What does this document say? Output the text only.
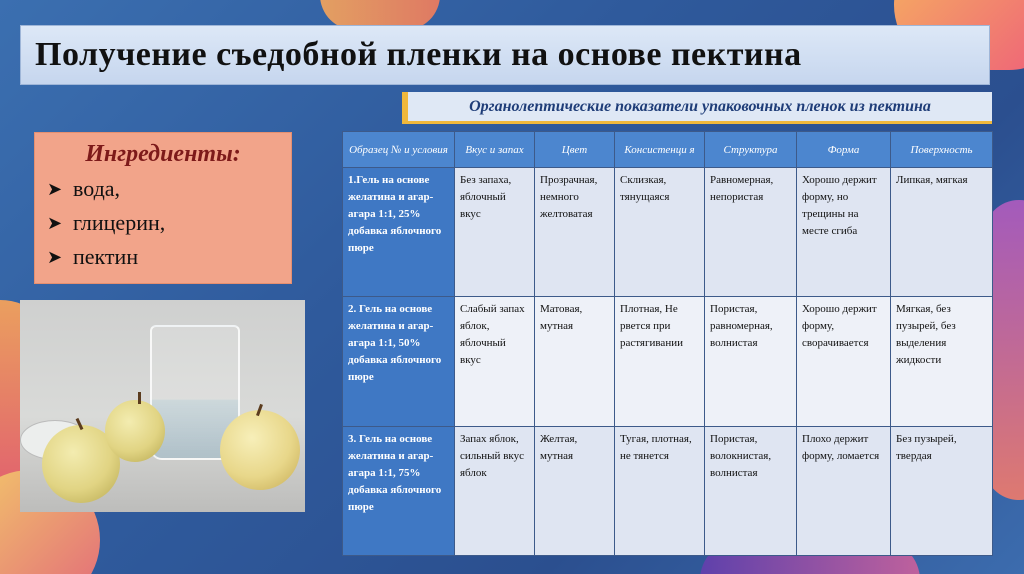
Получение съедобной пленки на основе пектина
Органолептические показатели упаковочных пленок из пектина
Ингредиенты:
➤ вода,
➤ глицерин,
➤ пектин
Образец № и условия	Вкус и запах	Цвет	Консистенци я	Структура	Форма	Поверхность
1.Гель на основе желатина и агар-агара 1:1, 25% добавка яблочного пюре	Без запаха, яблочный вкус	Прозрачная, немного желтоватая	Склизкая, тянущаяся	Равномерная, непористая	Хорошо держит форму, но трещины на месте сгиба	Липкая, мягкая
2. Гель на основе желатина и агар-агара 1:1, 50% добавка яблочного пюре	Слабый запах яблок, яблочный вкус	Матовая, мутная	Плотная, Не рвется при растягивании	Пористая, равномерная, волнистая	Хорошо держит форму, сворачивается	Мягкая, без пузырей, без выделения жидкости
3. Гель на основе желатина и агар-агара 1:1, 75% добавка яблочного пюре	Запах яблок, сильный вкус яблок	Желтая, мутная	Тугая, плотная, не тянется	Пористая, волокнистая, волнистая	Плохо держит форму, ломается	Без пузырей, твердая
